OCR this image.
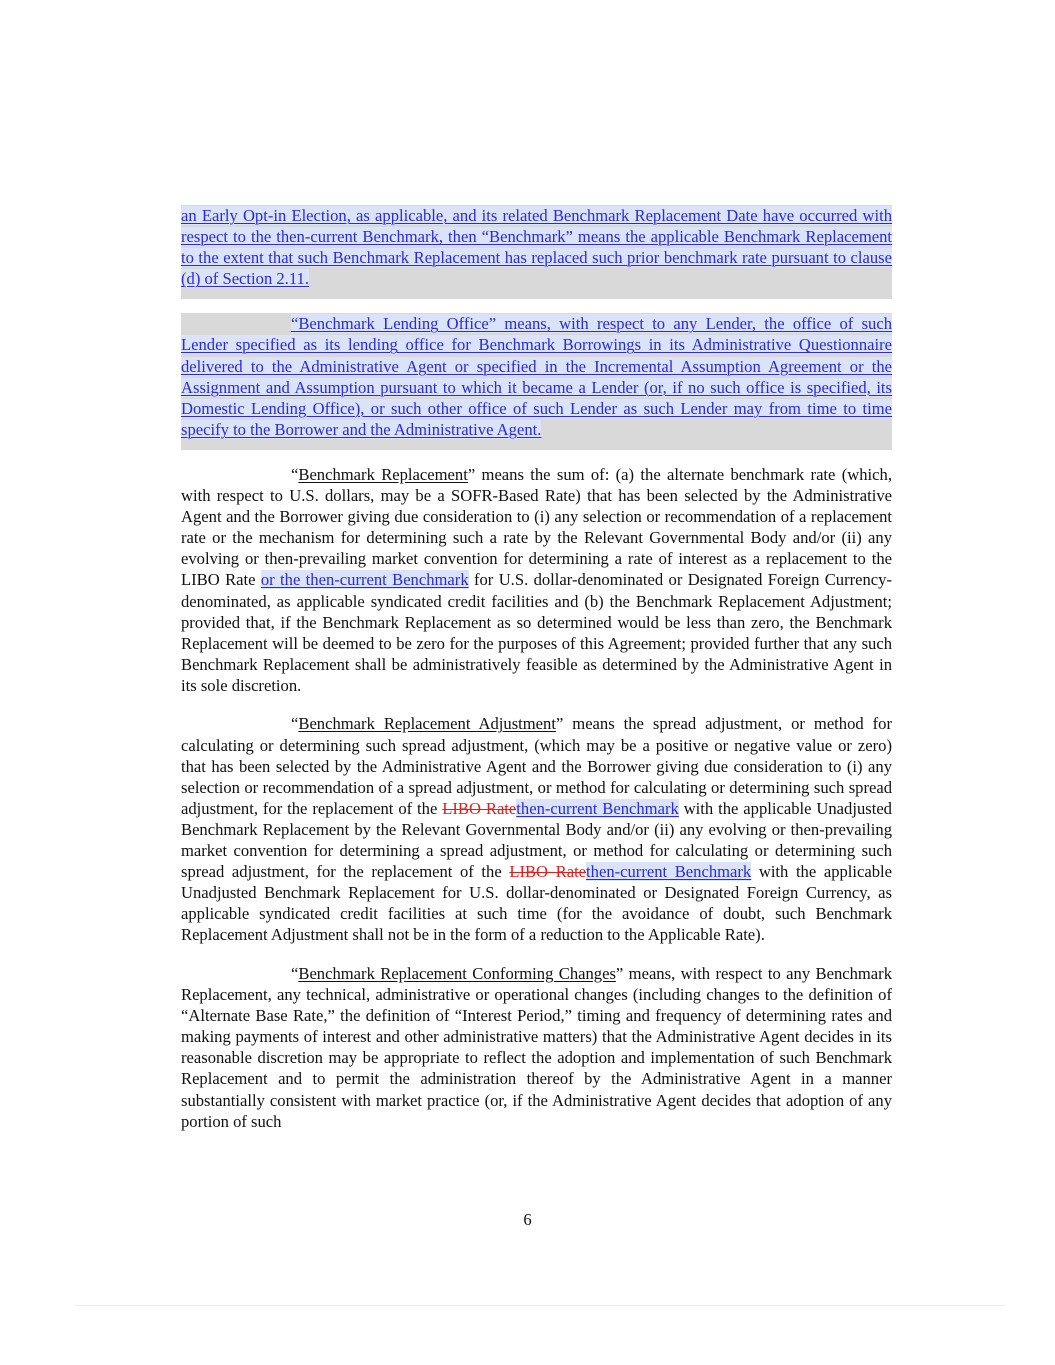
an Early Opt-in Election, as applicable, and its related Benchmark Replacement Date have occurred with respect to the then-current Benchmark, then “Benchmark” means the applicable Benchmark Replacement to the extent that such Benchmark Replacement has replaced such prior benchmark rate pursuant to clause (d) of Section 2.11.

“Benchmark Lending Office” means, with respect to any Lender, the office of such Lender specified as its lending office for Benchmark Borrowings in its Administrative Questionnaire delivered to the Administrative Agent or specified in the Incremental Assumption Agreement or the Assignment and Assumption pursuant to which it became a Lender (or, if no such office is specified, its Domestic Lending Office), or such other office of such Lender as such Lender may from time to time specify to the Borrower and the Administrative Agent.

“Benchmark Replacement” means the sum of: (a) the alternate benchmark rate (which, with respect to U.S. dollars, may be a SOFR-Based Rate) that has been selected by the Administrative Agent and the Borrower giving due consideration to (i) any selection or recommendation of a replacement rate or the mechanism for determining such a rate by the Relevant Governmental Body and/or (ii) any evolving or then-prevailing market convention for determining a rate of interest as a replacement to the LIBO Rate or the then-current Benchmark for U.S. dollar-denominated or Designated Foreign Currency-denominated, as applicable syndicated credit facilities and (b) the Benchmark Replacement Adjustment; provided that, if the Benchmark Replacement as so determined would be less than zero, the Benchmark Replacement will be deemed to be zero for the purposes of this Agreement; provided further that any such Benchmark Replacement shall be administratively feasible as determined by the Administrative Agent in its sole discretion.

“Benchmark Replacement Adjustment” means the spread adjustment, or method for calculating or determining such spread adjustment, (which may be a positive or negative value or zero) that has been selected by the Administrative Agent and the Borrower giving due consideration to (i) any selection or recommendation of a spread adjustment, or method for calculating or determining such spread adjustment, for the replacement of the LIBO Ratethen-current Benchmark with the applicable Unadjusted Benchmark Replacement by the Relevant Governmental Body and/or (ii) any evolving or then-prevailing market convention for determining a spread adjustment, or method for calculating or determining such spread adjustment, for the replacement of the LIBO Ratethen-current Benchmark with the applicable Unadjusted Benchmark Replacement for U.S. dollar-denominated or Designated Foreign Currency, as applicable syndicated credit facilities at such time (for the avoidance of doubt, such Benchmark Replacement Adjustment shall not be in the form of a reduction to the Applicable Rate).

“Benchmark Replacement Conforming Changes” means, with respect to any Benchmark Replacement, any technical, administrative or operational changes (including changes to the definition of “Alternate Base Rate,” the definition of “Interest Period,” timing and frequency of determining rates and making payments of interest and other administrative matters) that the Administrative Agent decides in its reasonable discretion may be appropriate to reflect the adoption and implementation of such Benchmark Replacement and to permit the administration thereof by the Administrative Agent in a manner substantially consistent with market practice (or, if the Administrative Agent decides that adoption of any portion of such

6
